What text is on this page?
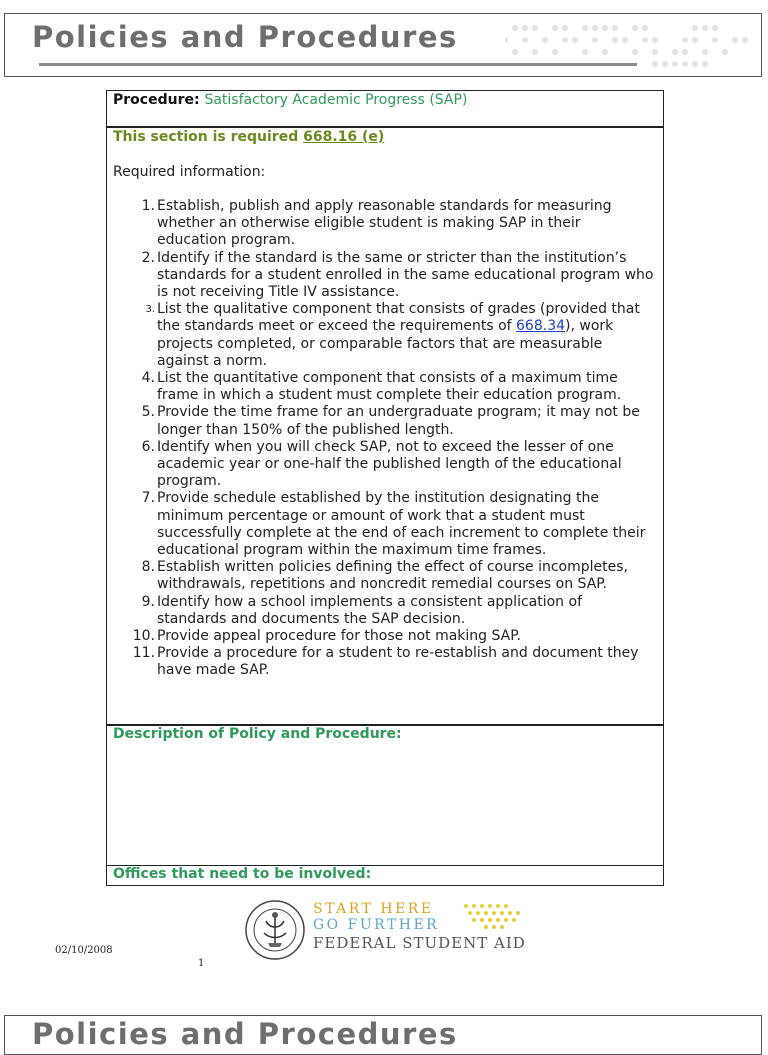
Policies and Procedures
Procedure: Satisfactory Academic Progress (SAP)
This section is required 668.16 (e)
Required information:
1. Establish, publish and apply reasonable standards for measuring whether an otherwise eligible student is making SAP in their education program.
2. Identify if the standard is the same or stricter than the institution’s standards for a student enrolled in the same educational program who is not receiving Title IV assistance.
3. List the qualitative component that consists of grades (provided that the standards meet or exceed the requirements of 668.34), work projects completed, or comparable factors that are measurable against a norm.
4. List the quantitative component that consists of a maximum time frame in which a student must complete their education program.
5. Provide the time frame for an undergraduate program; it may not be longer than 150% of the published length.
6. Identify when you will check SAP, not to exceed the lesser of one academic year or one-half the published length of the educational program.
7. Provide schedule established by the institution designating the minimum percentage or amount of work that a student must successfully complete at the end of each increment to complete their educational program within the maximum time frames.
8. Establish written policies defining the effect of course incompletes, withdrawals, repetitions and noncredit remedial courses on SAP.
9. Identify how a school implements a consistent application of standards and documents the SAP decision.
10. Provide appeal procedure for those not making SAP.
11. Provide a procedure for a student to re-establish and document they have made SAP.
Description of Policy and Procedure:
Offices that need to be involved:
START HERE
GO FURTHER
FEDERAL STUDENT AID
02/10/2008
1
Policies and Procedures
